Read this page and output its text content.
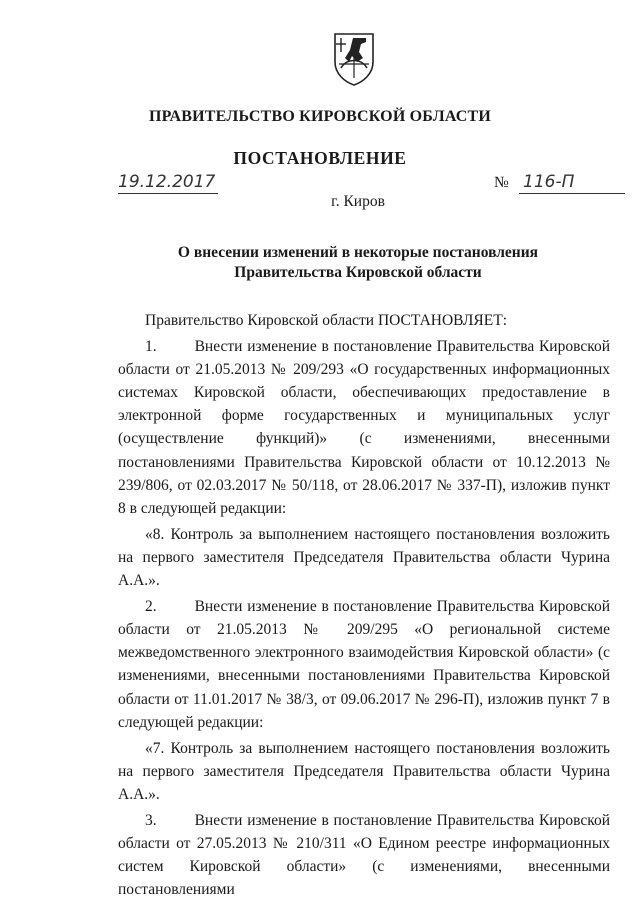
ПРАВИТЕЛЬСТВО КИРОВСКОЙ ОБЛАСТИ
ПОСТАНОВЛЕНИЕ
19.12.2017	№ 116-П
г. Киров
О внесении изменений в некоторые постановления
Правительства Кировской области

Правительство Кировской области ПОСТАНОВЛЯЕТ:

1.        Внести изменение в постановление Правительства Кировской области от 21.05.2013 № 209/293 «О государственных информационных системах Кировской области, обеспечивающих предоставление в электронной форме государственных и муниципальных услуг (осуществление функций)» (с изменениями, внесенными постановлениями Правительства Кировской области от 10.12.2013 № 239/806, от 02.03.2017 № 50/118, от 28.06.2017 № 337-П), изложив пункт 8 в следующей редакции:

«8. Контроль за выполнением настоящего постановления возложить на первого заместителя Председателя Правительства области Чурина А.А.».

2.        Внести изменение в постановление Правительства Кировской области от 21.05.2013 № 209/295 «О региональной системе межведомственного электронного взаимодействия Кировской области» (с изменениями, внесенными постановлениями Правительства Кировской области от 11.01.2017 № 38/3, от 09.06.2017 № 296-П), изложив пункт 7 в следующей редакции:

«7. Контроль за выполнением настоящего постановления возложить на первого заместителя Председателя Правительства области Чурина А.А.».

3.        Внести изменение в постановление Правительства Кировской области от 27.05.2013 № 210/311 «О Едином реестре информационных систем Кировской области» (с изменениями, внесенными постановлениями
